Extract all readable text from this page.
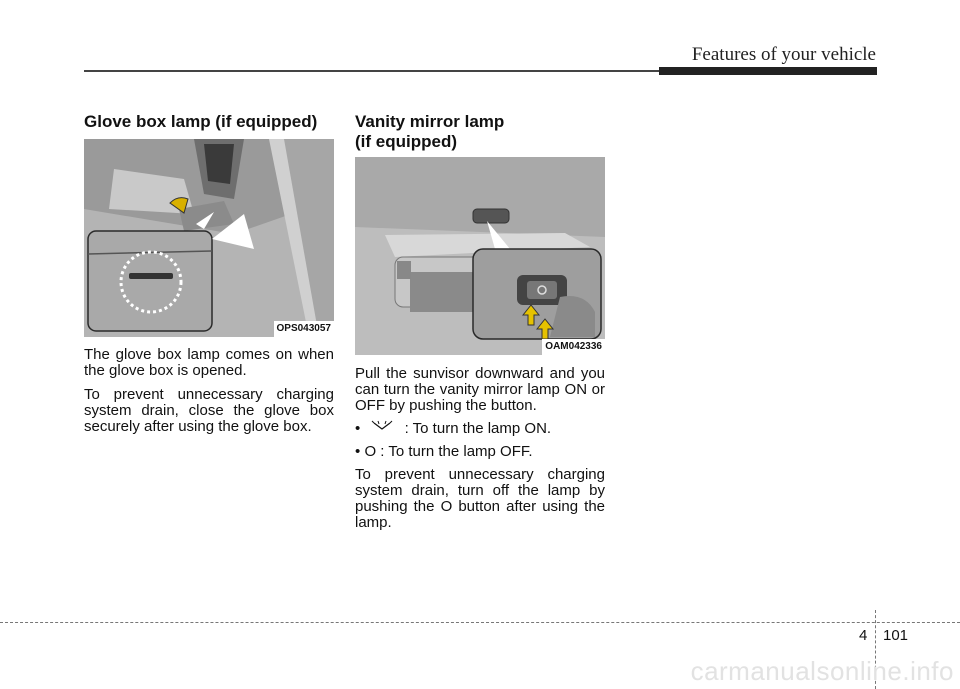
Features of your vehicle
Glove box lamp (if equipped)
OPS043057

The glove box lamp comes on when the glove box is opened.

To prevent unnecessary charging system drain, close the glove box securely after using the glove box.

Vanity mirror lamp
(if equipped)
OAM042336

Pull the sunvisor downward and you can turn the vanity mirror lamp ON or OFF by pushing the button.

•	: To turn the lamp ON.
• O : To turn the lamp OFF.

To prevent unnecessary charging system drain, turn off the lamp by pushing the O button after using the lamp.

4 101
carmanualsonline.info
